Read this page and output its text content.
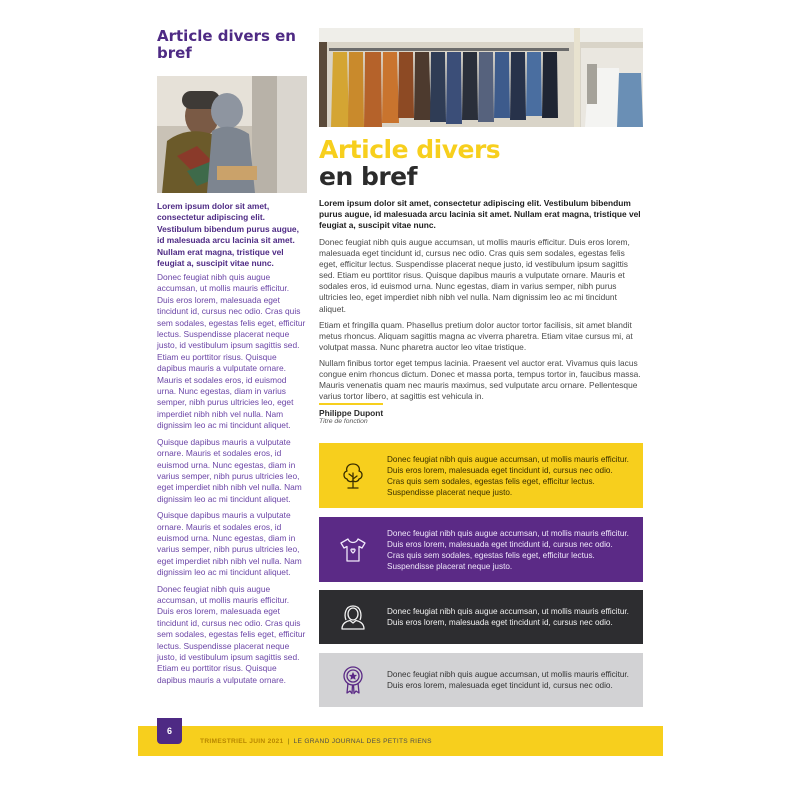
Article divers en bref
Lorem ipsum dolor sit amet, consectetur adipiscing elit. Vestibulum bibendum purus augue, id malesuada arcu lacinia sit amet. Nullam erat magna, tristique vel feugiat a, suscipit vitae nunc.

Donec feugiat nibh quis augue accumsan, ut mollis mauris efficitur. Duis eros lorem, malesuada eget tincidunt id, cursus nec odio. Cras quis sem sodales, egestas felis eget, efficitur lectus. Suspendisse placerat neque justo, id vestibulum ipsum sagittis sed. Etiam eu porttitor risus. Quisque dapibus mauris a vulputate ornare. Mauris et sodales eros, id euismod urna. Nunc egestas, diam in varius semper, nibh purus ultricies leo, eget imperdiet nibh nibh vel nulla. Nam dignissim leo ac mi tincidunt aliquet.

Quisque dapibus mauris a vulputate ornare. Mauris et sodales eros, id euismod urna. Nunc egestas, diam in varius semper, nibh purus ultricies leo, eget imperdiet nibh nibh vel nulla. Nam dignissim leo ac mi tincidunt aliquet.

Quisque dapibus mauris a vulputate ornare. Mauris et sodales eros, id euismod urna. Nunc egestas, diam in varius semper, nibh purus ultricies leo, eget imperdiet nibh nibh vel nulla. Nam dignissim leo ac mi tincidunt aliquet.

Donec feugiat nibh quis augue accumsan, ut mollis mauris efficitur. Duis eros lorem, malesuada eget tincidunt id, cursus nec odio. Cras quis sem sodales, egestas felis eget, efficitur lectus. Suspendisse placerat neque justo, id vestibulum ipsum sagittis sed. Etiam eu porttitor risus. Quisque dapibus mauris a vulputate ornare.

Article divers
en bref
Lorem ipsum dolor sit amet, consectetur adipiscing elit. Vestibulum bibendum purus augue, id malesuada arcu lacinia sit amet. Nullam erat magna, tristique vel feugiat a, suscipit vitae nunc.

Donec feugiat nibh quis augue accumsan, ut mollis mauris efficitur. Duis eros lorem, malesuada eget tincidunt id, cursus nec odio. Cras quis sem sodales, egestas felis eget, efficitur lectus. Suspendisse placerat neque justo, id vestibulum ipsum sagittis sed. Etiam eu porttitor risus. Quisque dapibus mauris a vulputate ornare. Mauris et sodales eros, id euismod urna. Nunc egestas, diam in varius semper, nibh purus ultricies leo, eget imperdiet nibh nibh vel nulla. Nam dignissim leo ac mi tincidunt aliquet.

Etiam et fringilla quam. Phasellus pretium dolor auctor tortor facilisis, sit amet blandit metus rhoncus. Aliquam sagittis magna ac viverra pharetra. Etiam vitae cursus mi, at volutpat massa. Nunc pharetra auctor leo vitae tristique.

Nullam finibus tortor eget tempus lacinia. Praesent vel auctor erat. Vivamus quis lacus congue enim rhoncus dictum. Donec et massa porta, tempus tortor in, faucibus massa. Mauris venenatis quam nec mauris maximus, sed vulputate arcu ornare. Pellentesque varius tortor libero, at sagittis est vehicula in.

Philippe Dupont
Titre de fonction
Donec feugiat nibh quis augue accumsan, ut mollis mauris efficitur. Duis eros lorem, malesuada eget tincidunt id, cursus nec odio. Cras quis sem sodales, egestas felis eget, efficitur lectus. Suspendisse placerat neque justo.
Donec feugiat nibh quis augue accumsan, ut mollis mauris efficitur. Duis eros lorem, malesuada eget tincidunt id, cursus nec odio. Cras quis sem sodales, egestas felis eget, efficitur lectus. Suspendisse placerat neque justo.
Donec feugiat nibh quis augue accumsan, ut mollis mauris efficitur. Duis eros lorem, malesuada eget tincidunt id, cursus nec odio.
Donec feugiat nibh quis augue accumsan, ut mollis mauris efficitur. Duis eros lorem, malesuada eget tincidunt id, cursus nec odio.
6
TRIMESTRIEL JUIN 2021 | LE GRAND JOURNAL DES PETITS RIENS
